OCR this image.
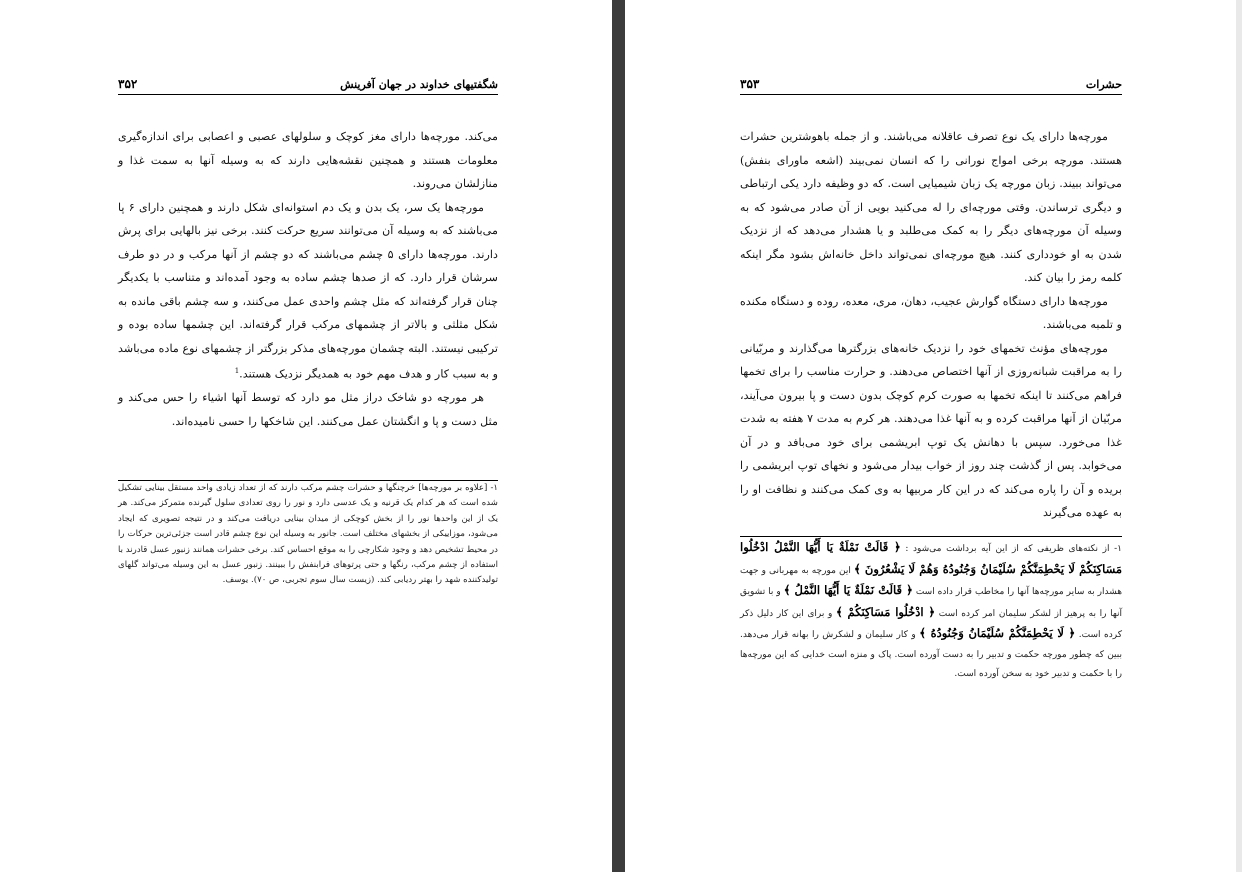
شگفتیهای خداوند در جهان آفرینش
۳۵۲

می‌کند. مورچه‌ها دارای مغز کوچک و سلولهای عصبی و اعصابی برای اندازه‌گیری معلومات هستند و همچنین نقشه‌هایی دارند که به وسیله آنها به سمت غذا و منازلشان می‌روند.

مورچه‌ها یک سر، یک بدن و یک دم استوانه‌ای شکل دارند و همچنین دارای ۶ پا می‌باشند که به وسیله آن می‌توانند سریع حرکت کنند. برخی نیز بالهایی برای پرش دارند. مورچه‌ها دارای ۵ چشم می‌باشند که دو چشم از آنها مرکب و در دو طرف سرشان قرار دارد. که از صدها چشم ساده به وجود آمده‌اند و متناسب با یکدیگر چنان قرار گرفته‌اند که مثل چشم واحدی عمل می‌کنند، و سه چشم باقی مانده به شکل مثلثی و بالاتر از چشمهای مرکب قرار گرفته‌اند. این چشمها ساده بوده و ترکیبی نیستند. البته چشمان مورچه‌های مذکر بزرگتر از چشمهای نوع ماده می‌باشد و به سبب کار و هدف مهم خود به همدیگر نزدیک هستند.$^1$

هر مورچه دو شاخک دراز مثل مو دارد که توسط آنها اشیاء را حس می‌کند و مثل دست و پا و انگشتان عمل می‌کنند. این شاخکها را حسی نامیده‌اند.

۱- [علاوه بر مورچه‌ها] خرچنگها و حشرات چشم مرکب دارند که از تعداد زیادی واحد مستقل بینایی تشکیل شده است که هر کدام یک قرنیه و یک عدسی دارد و نور را روی تعدادی سلول گیرنده متمرکز می‌کند. هر یک از این واحدها نور را از بخش کوچکی از میدان بینایی دریافت می‌کند و در نتیجه تصویری که ایجاد می‌شود، موزاییکی از بخشهای مختلف است. جانور به وسیله این نوع چشم قادر است جزئی‌ترین حرکات را در محیط تشخیص دهد و وجود شکارچی را به موقع احساس کند. برخی حشرات همانند زنبور عسل قادرند با استفاده از چشم مرکب، رنگها و حتی پرتوهای فرابنفش را ببینند. زنبور عسل به این وسیله می‌تواند گلهای تولیدکننده شهد را بهتر ردیابی کند. (زیست سال سوم تجربی، ص ۷۰). یوسف.

حشرات
۳۵۳

مورچه‌ها دارای یک نوع تصرف عاقلانه می‌باشند. و از جمله باهوشترین حشرات هستند. مورچه برخی امواج نورانی را که انسان نمی‌بیند (اشعه ماورای بنفش) می‌تواند ببیند. زبان مورچه یک زبان شیمیایی است. که دو وظیفه دارد یکی ارتباطی و دیگری ترساندن. وقتی مورچه‌ای را له می‌کنید بویی از آن صادر می‌شود که به وسیله آن مورچه‌های دیگر را به کمک می‌طلبد و یا هشدار می‌دهد که از نزدیک شدن به او خودداری کنند. هیچ مورچه‌ای نمی‌تواند داخل خانه‌اش بشود مگر اینکه کلمه رمز را بیان کند.

مورچه‌ها دارای دستگاه گوارش عجیب، دهان، مری، معده، روده و دستگاه مکنده و تلمبه می‌باشند.

مورچه‌های مؤنث تخمهای خود را نزدیک خانه‌های بزرگترها می‌گذارند و مربّیانی را به مراقبت شبانه‌روزی از آنها اختصاص می‌دهند. و حرارت مناسب را برای تخمها فراهم می‌کنند تا اینکه تخمها به صورت کرم کوچک بدون دست و پا بیرون می‌آیند، مربّیان از آنها مراقبت کرده و به آنها غذا می‌دهند. هر کرم به مدت ۷ هفته به شدت غذا می‌خورد. سپس با دهانش یک توپ ابریشمی برای خود می‌بافد و در آن می‌خوابد. پس از گذشت چند روز از خواب بیدار می‌شود و نخهای توپ ابریشمی را بریده و آن را پاره می‌کند که در این کار مربیها به وی کمک می‌کنند و نظافت او را به عهده می‌گیرند

۱- از نکته‌های ظریفی که از این آیه برداشت می‌شود : ﴿ قَالَتْ نَمْلَةٌ يَا أَيُّهَا النَّمْلُ ادْخُلُوا مَسَاكِنَكُمْ لَا يَحْطِمَنَّكُمْ سُلَيْمَانُ وَجُنُودُهُ وَهُمْ لَا يَشْعُرُونَ ﴾ این مورچه به مهربانی و جهت هشدار به سایر مورچه‌ها آنها را مخاطب قرار داده است ﴿ قَالَتْ نَمْلَةٌ يَا أَيُّهَا النَّمْلُ ﴾ و با تشویق آنها را به پرهیز از لشکر سلیمان امر کرده است ﴿ ادْخُلُوا مَسَاكِنَكُمْ ﴾ و برای این کار دلیل ذکر کرده است. ﴿ لَا يَحْطِمَنَّكُمْ سُلَيْمَانُ وَجُنُودُهُ ﴾ و کار سلیمان و لشکرش را بهانه قرار می‌دهد. ببین که چطور مورچه حکمت و تدبیر را به دست آورده است. پاک و منزه است خدایی که این مورچه‌ها را با حکمت و تدبیر خود به سخن آورده است.
